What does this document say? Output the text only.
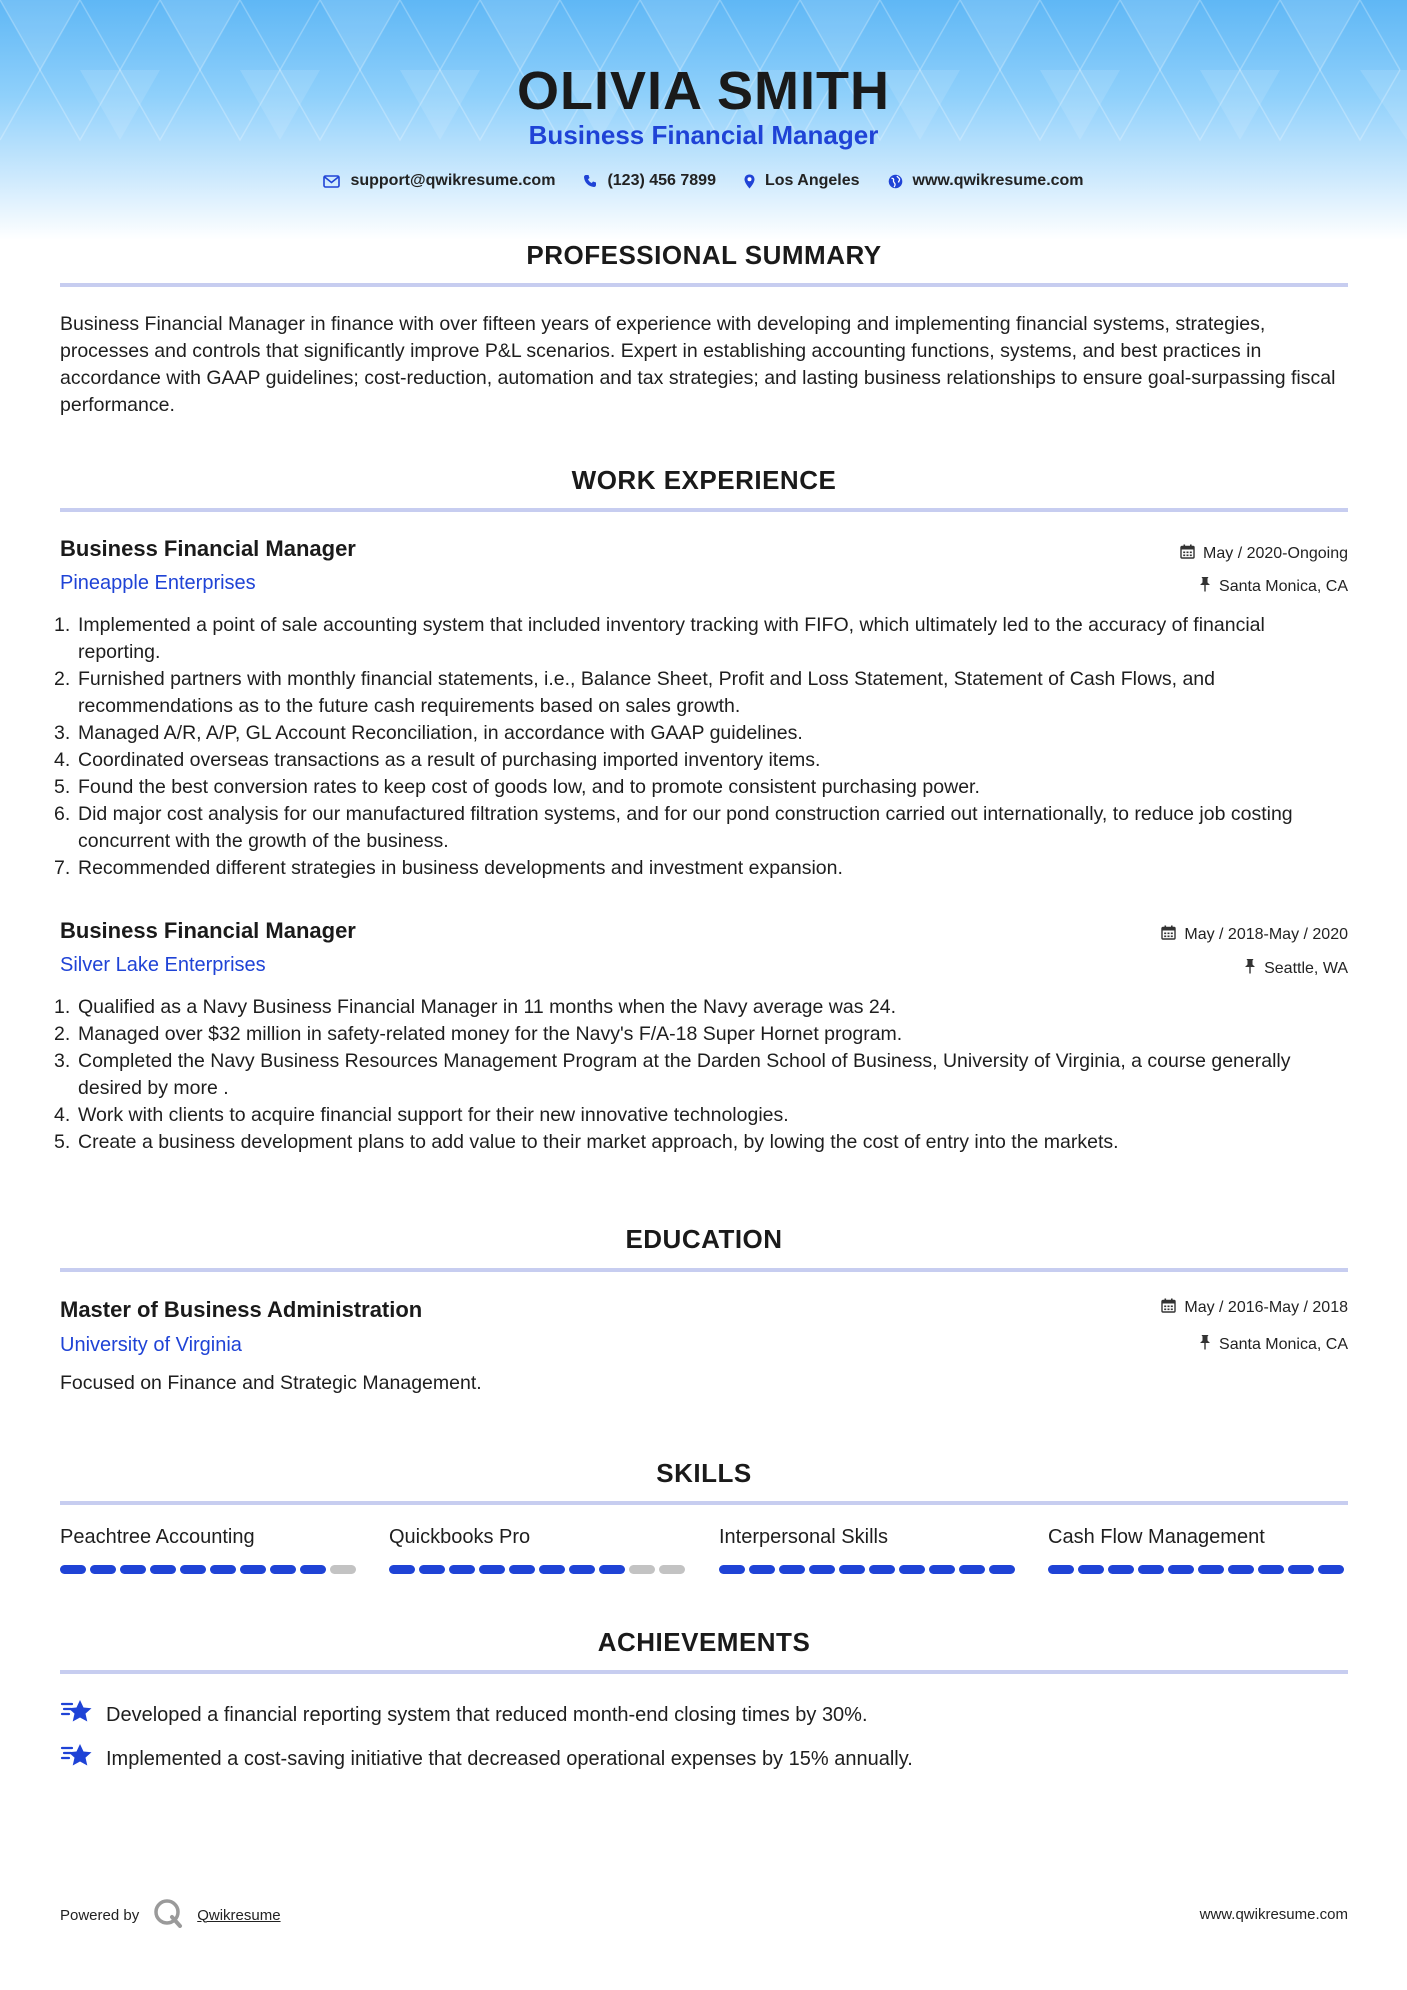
OLIVIA SMITH
Business Financial Manager
support@qwikresume.com	(123) 456 7899	Los Angeles	www.qwikresume.com
PROFESSIONAL SUMMARY
Business Financial Manager in finance with over fifteen years of experience with developing and implementing financial systems, strategies, processes and controls that significantly improve P&L scenarios. Expert in establishing accounting functions, systems, and best practices in accordance with GAAP guidelines; cost-reduction, automation and tax strategies; and lasting business relationships to ensure goal-surpassing fiscal performance.
WORK EXPERIENCE
Business Financial Manager	May / 2020-Ongoing
Pineapple Enterprises	Santa Monica, CA
1. Implemented a point of sale accounting system that included inventory tracking with FIFO, which ultimately led to the accuracy of financial reporting.
2. Furnished partners with monthly financial statements, i.e., Balance Sheet, Profit and Loss Statement, Statement of Cash Flows, and recommendations as to the future cash requirements based on sales growth.
3. Managed A/R, A/P, GL Account Reconciliation, in accordance with GAAP guidelines.
4. Coordinated overseas transactions as a result of purchasing imported inventory items.
5. Found the best conversion rates to keep cost of goods low, and to promote consistent purchasing power.
6. Did major cost analysis for our manufactured filtration systems, and for our pond construction carried out internationally, to reduce job costing concurrent with the growth of the business.
7. Recommended different strategies in business developments and investment expansion.
Business Financial Manager	May / 2018-May / 2020
Silver Lake Enterprises	Seattle, WA
1. Qualified as a Navy Business Financial Manager in 11 months when the Navy average was 24.
2. Managed over $32 million in safety-related money for the Navy's F/A-18 Super Hornet program.
3. Completed the Navy Business Resources Management Program at the Darden School of Business, University of Virginia, a course generally desired by more .
4. Work with clients to acquire financial support for their new innovative technologies.
5. Create a business development plans to add value to their market approach, by lowing the cost of entry into the markets.
EDUCATION
Master of Business Administration	May / 2016-May / 2018
University of Virginia	Santa Monica, CA
Focused on Finance and Strategic Management.
SKILLS
Peachtree Accounting	Quickbooks Pro	Interpersonal Skills	Cash Flow Management
ACHIEVEMENTS
Developed a financial reporting system that reduced month-end closing times by 30%.
Implemented a cost-saving initiative that decreased operational expenses by 15% annually.
Powered by	Qwikresume	www.qwikresume.com
